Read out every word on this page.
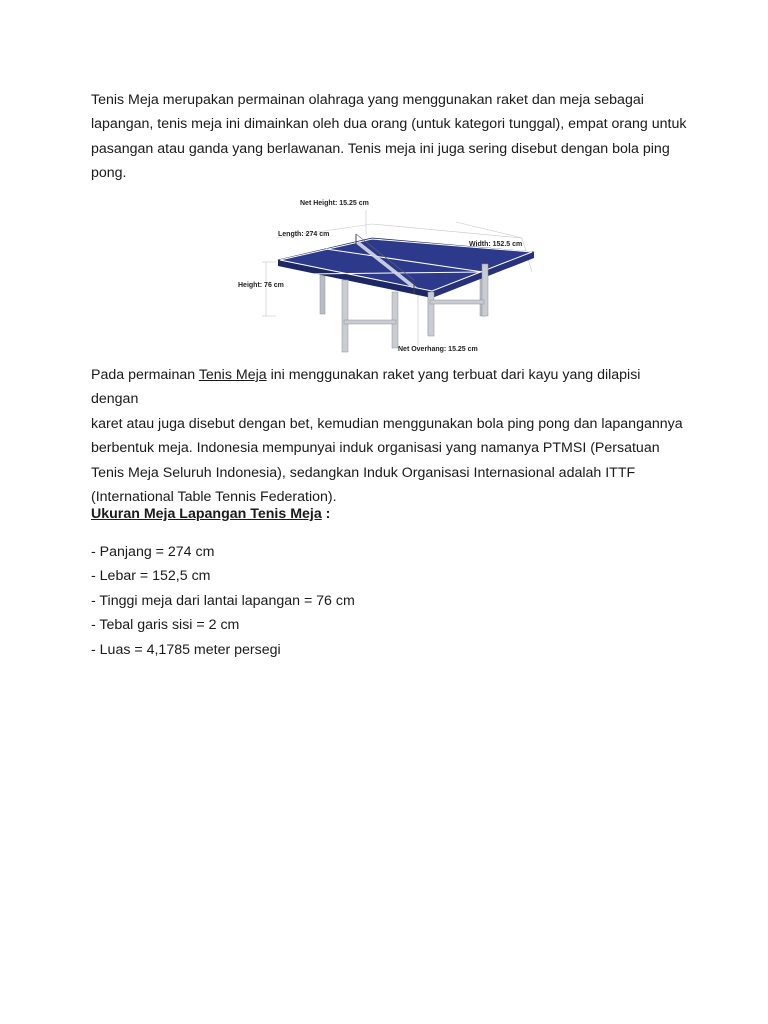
Tenis Meja merupakan permainan olahraga yang menggunakan raket dan meja sebagai
lapangan, tenis meja ini dimainkan oleh dua orang (untuk kategori tunggal), empat orang untuk
pasangan atau ganda yang berlawanan. Tenis meja ini juga sering disebut dengan bola ping
pong.

Net Height: 15.25 cm
Length: 274 cm
Width: 152.5 cm
Height: 76 cm
Net Overhang: 15.25 cm

Pada permainan Tenis Meja ini menggunakan raket yang terbuat dari kayu yang dilapisi dengan
karet atau juga disebut dengan bet, kemudian menggunakan bola ping pong dan lapangannya
berbentuk meja. Indonesia mempunyai induk organisasi yang namanya PTMSI (Persatuan
Tenis Meja Seluruh Indonesia), sedangkan Induk Organisasi Internasional adalah ITTF
(International Table Tennis Federation).

Ukuran Meja Lapangan Tenis Meja :

- Panjang = 274 cm
- Lebar = 152,5 cm
- Tinggi meja dari lantai lapangan = 76 cm
- Tebal garis sisi = 2 cm
- Luas = 4,1785 meter persegi
